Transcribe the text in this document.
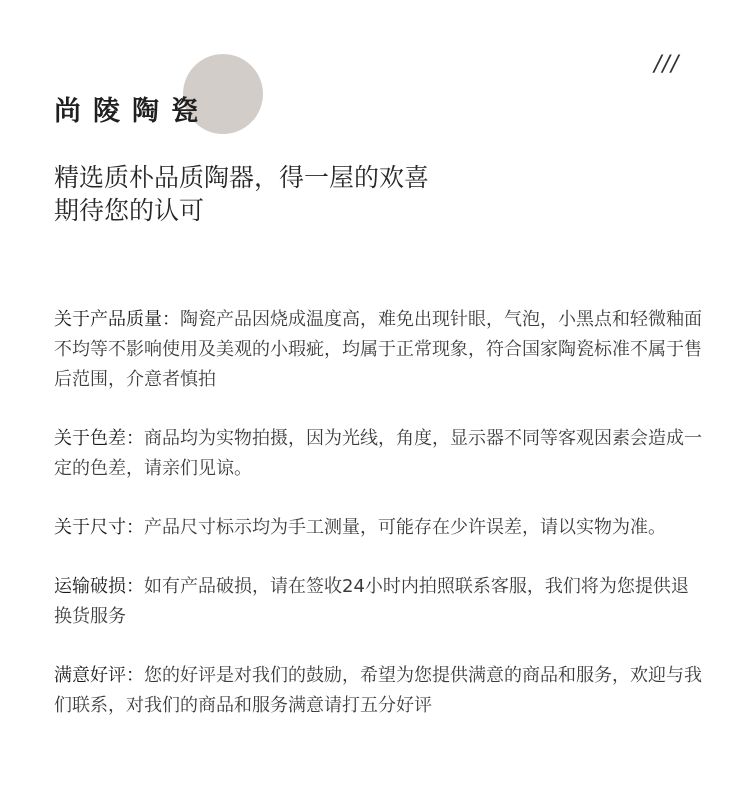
///
尚陵陶瓷
精选质朴品质陶器，得一屋的欢喜
期待您的认可

关于产品质量：陶瓷产品因烧成温度高，难免出现针眼，气泡，小黑点和轻微釉面不均等不影响使用及美观的小瑕疵，均属于正常现象，符合国家陶瓷标准不属于售后范围，介意者慎拍

关于色差：商品均为实物拍摄，因为光线，角度，显示器不同等客观因素会造成一定的色差，请亲们见谅。

关于尺寸：产品尺寸标示均为手工测量，可能存在少许误差，请以实物为准。

运输破损：如有产品破损，请在签收24小时内拍照联系客服，我们将为您提供退换货服务

满意好评：您的好评是对我们的鼓励，希望为您提供满意的商品和服务，欢迎与我们联系，对我们的商品和服务满意请打五分好评
